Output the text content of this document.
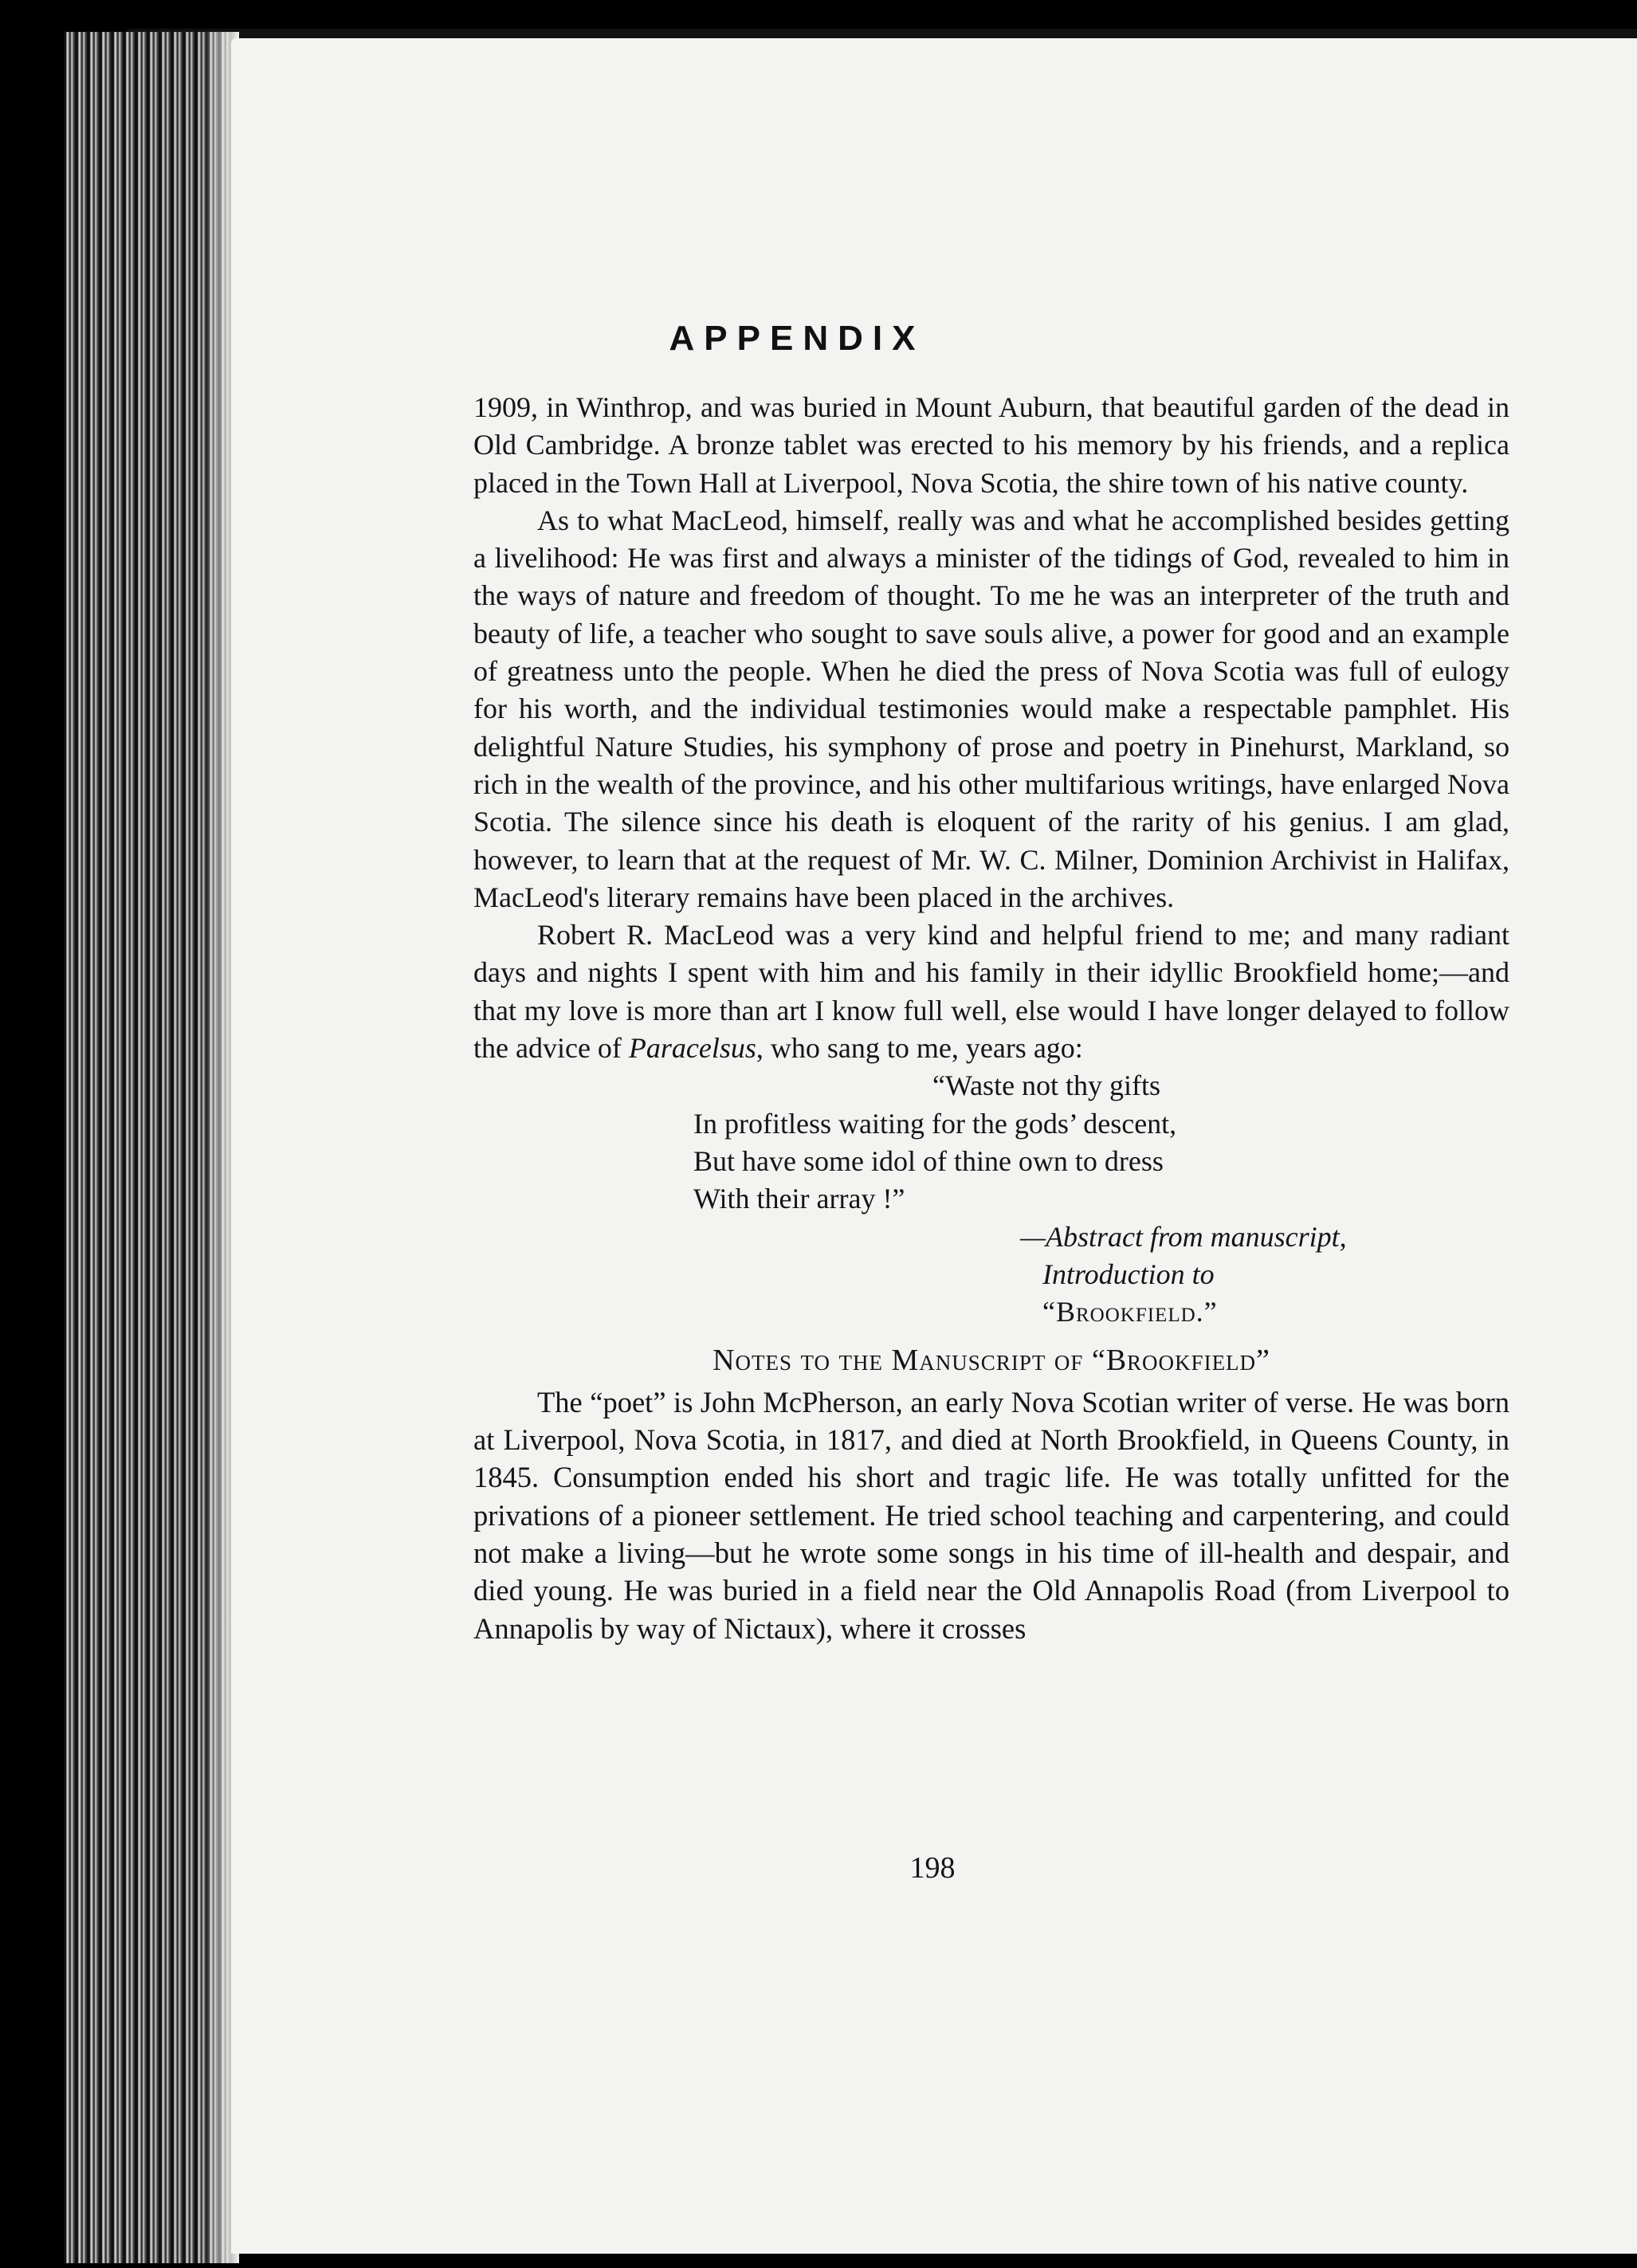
APPENDIX

1909, in Winthrop, and was buried in Mount Auburn, that beautiful garden of the dead in Old Cambridge. A bronze tablet was erected to his memory by his friends, and a replica placed in the Town Hall at Liverpool, Nova Scotia, the shire town of his native county.

As to what MacLeod, himself, really was and what he accomplished besides getting a livelihood: He was first and always a minister of the tidings of God, revealed to him in the ways of nature and freedom of thought. To me he was an interpreter of the truth and beauty of life, a teacher who sought to save souls alive, a power for good and an example of greatness unto the people. When he died the press of Nova Scotia was full of eulogy for his worth, and the individual testimonies would make a respectable pamphlet. His delightful Nature Studies, his symphony of prose and poetry in Pinehurst, Markland, so rich in the wealth of the province, and his other multifarious writings, have enlarged Nova Scotia. The silence since his death is eloquent of the rarity of his genius. I am glad, however, to learn that at the request of Mr. W. C. Milner, Dominion Archivist in Halifax, MacLeod's literary remains have been placed in the archives.

Robert R. MacLeod was a very kind and helpful friend to me; and many radiant days and nights I spent with him and his family in their idyllic Brookfield home;—and that my love is more than art I know full well, else would I have longer delayed to follow the advice of Paracelsus, who sang to me, years ago:

“Waste not thy gifts
In profitless waiting for the gods’ descent,
But have some idol of thine own to dress
With their array !”
—Abstract from manuscript,
Introduction to
“Brookfield.”
Notes to the Manuscript of “Brookfield”

The “poet” is John McPherson, an early Nova Scotian writer of verse. He was born at Liverpool, Nova Scotia, in 1817, and died at North Brookfield, in Queens County, in 1845. Consumption ended his short and tragic life. He was totally unfitted for the privations of a pioneer settlement. He tried school teaching and carpentering, and could not make a living—but he wrote some songs in his time of ill-health and despair, and died young. He was buried in a field near the Old Annapolis Road (from Liverpool to Annapolis by way of Nictaux), where it crosses

198
